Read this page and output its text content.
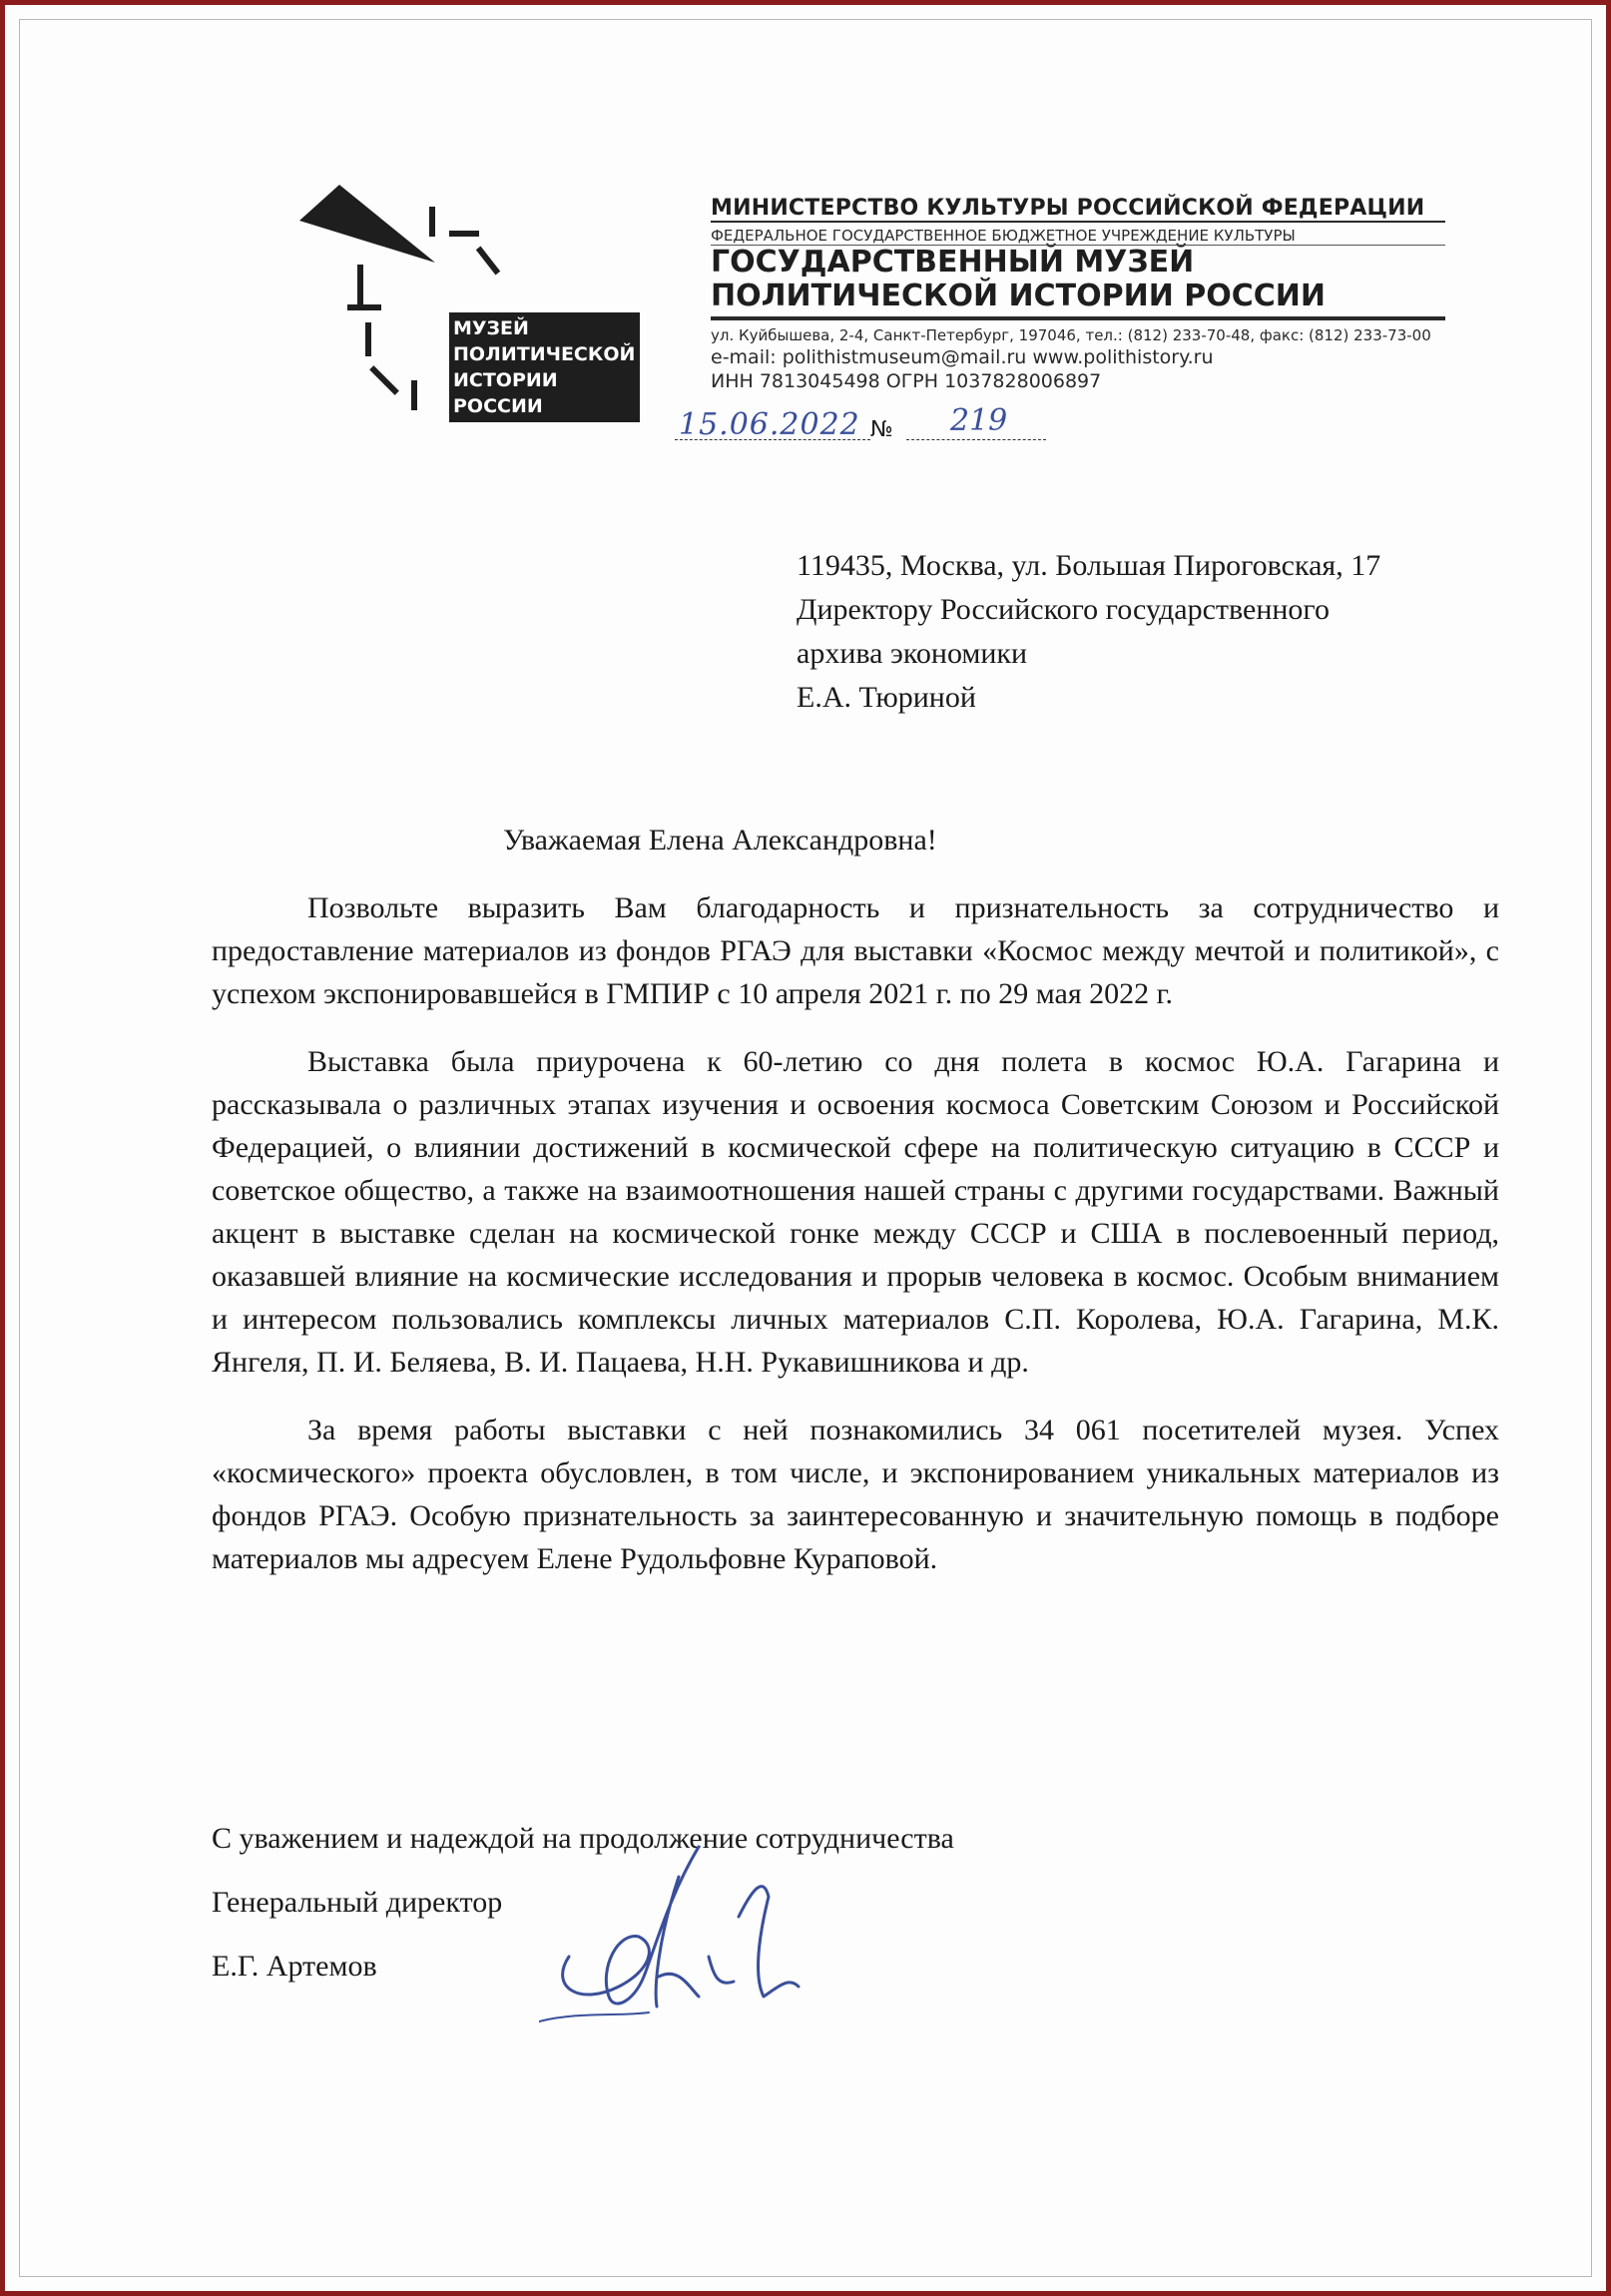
МУЗЕЙ
ПОЛИТИЧЕСКОЙ
ИСТОРИИ
РОССИИ
МИНИСТЕРСТВО КУЛЬТУРЫ РОССИЙСКОЙ ФЕДЕРАЦИИ
ФЕДЕРАЛЬНОЕ ГОСУДАРСТВЕННОЕ БЮДЖЕТНОЕ УЧРЕЖДЕНИЕ КУЛЬТУРЫ
ГОСУДАРСТВЕННЫЙ МУЗЕЙ
ПОЛИТИЧЕСКОЙ ИСТОРИИ РОССИИ
ул. Куйбышева, 2-4, Санкт-Петербург, 197046, тел.: (812) 233-70-48, факс: (812) 233-73-00
e-mail: polithistmuseum@mail.ru www.polithistory.ru
ИНН 7813045498 ОГРН 1037828006897
15.06.2022 № 219
119435, Москва, ул. Большая Пироговская, 17
Директору Российского государственного
архива экономики
Е.А. Тюриной
Уважаемая Елена Александровна!

Позвольте выразить Вам благодарность и признательность за сотрудничество и предоставление материалов из фондов РГАЭ для выставки «Космос между мечтой и политикой», с успехом экспонировавшейся в ГМПИР с 10 апреля 2021 г. по 29 мая 2022 г.

Выставка была приурочена к 60-летию со дня полета в космос Ю.А. Гагарина и рассказывала о различных этапах изучения и освоения космоса Советским Союзом и Российской Федерацией, о влиянии достижений в космической сфере на политическую ситуацию в СССР и советское общество, а также на взаимоотношения нашей страны с другими государствами. Важный акцент в выставке сделан на космической гонке между СССР и США в послевоенный период, оказавшей влияние на космические исследования и прорыв человека в космос. Особым вниманием и интересом пользовались комплексы личных материалов С.П. Королева, Ю.А. Гагарина, М.К. Янгеля, П. И. Беляева, В. И. Пацаева, Н.Н. Рукавишникова и др.

За время работы выставки с ней познакомились 34 061 посетителей музея. Успех «космического» проекта обусловлен, в том числе, и экспонированием уникальных материалов из фондов РГАЭ. Особую признательность за заинтересованную и значительную помощь в подборе материалов мы адресуем Елене Рудольфовне Кураповой.

С уважением и надеждой на продолжение сотрудничества
Генеральный директор
Е.Г. Артемов
